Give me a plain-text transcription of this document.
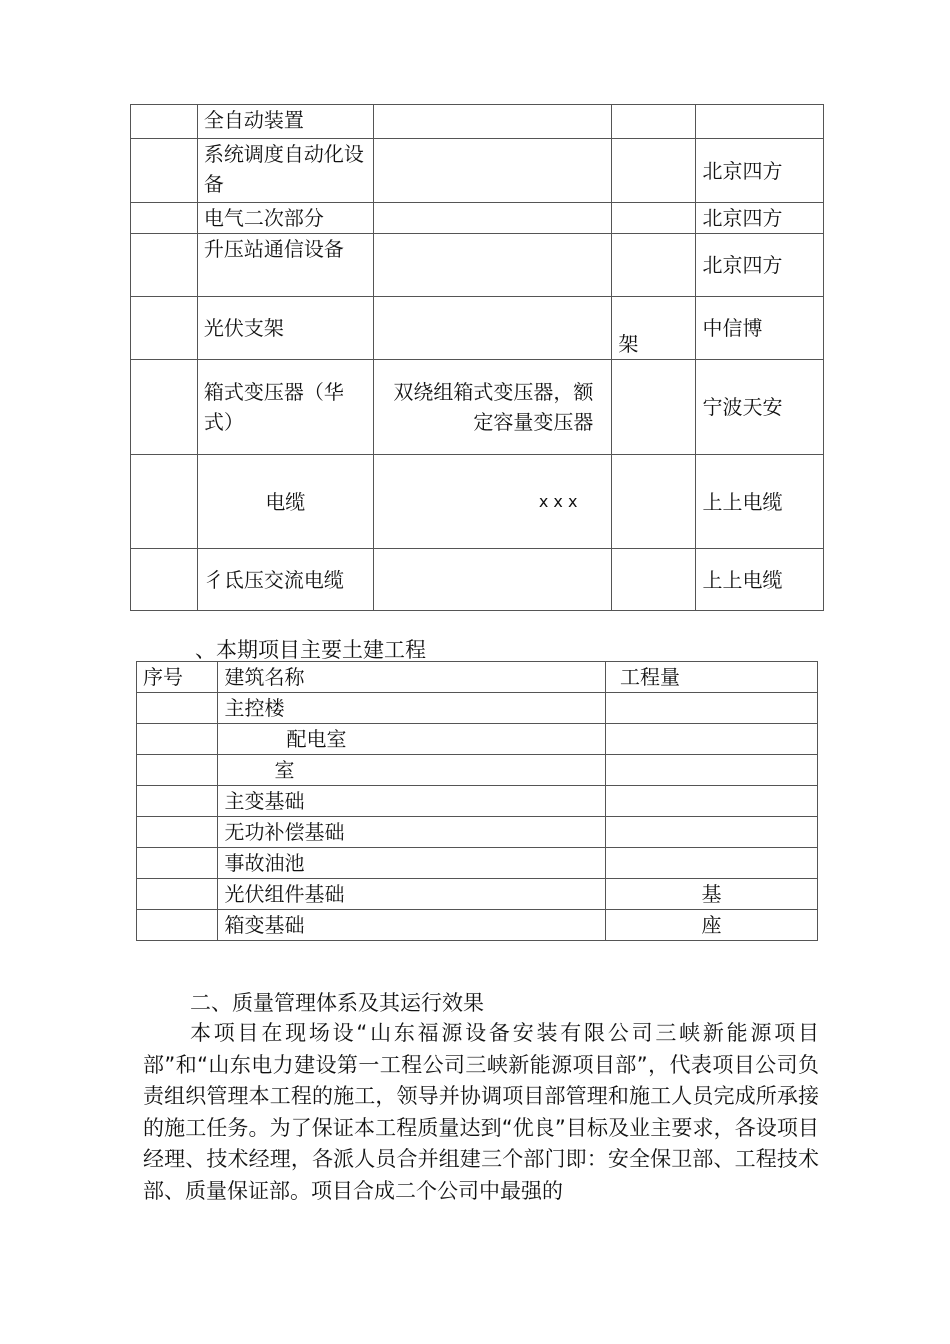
	全自动装置			
	系统调度自动化设备			北京四方
	电气二次部分			北京四方
	升压站通信设备			北京四方
	光伏支架		架	中信博
	箱式变压器（华式）	双绕组箱式变压器，额定容量变压器		宁波天安
	电缆	x x x		上上电缆
	彳氐压交流电缆			上上电缆
、本期项目主要土建工程
序号	建筑名称	工程量
	主控楼	
	配电室	
	室	
	主变基础	
	无功补偿基础	
	事故油池	
	光伏组件基础	基
	箱变基础	座
二、质量管理体系及其运行效果

本项目在现场设“山东福源设备安装有限公司三峡新能源项目部”和“山东电力建设第一工程公司三峡新能源项目部”，代表项目公司负责组织管理本工程的施工，领导并协调项目部管理和施工人员完成所承接的施工任务。为了保证本工程质量达到“优良”目标及业主要求，各设项目经理、技术经理，各派人员合并组建三个部门即：安全保卫部、工程技术部、质量保证部。项目合成二个公司中最强的
